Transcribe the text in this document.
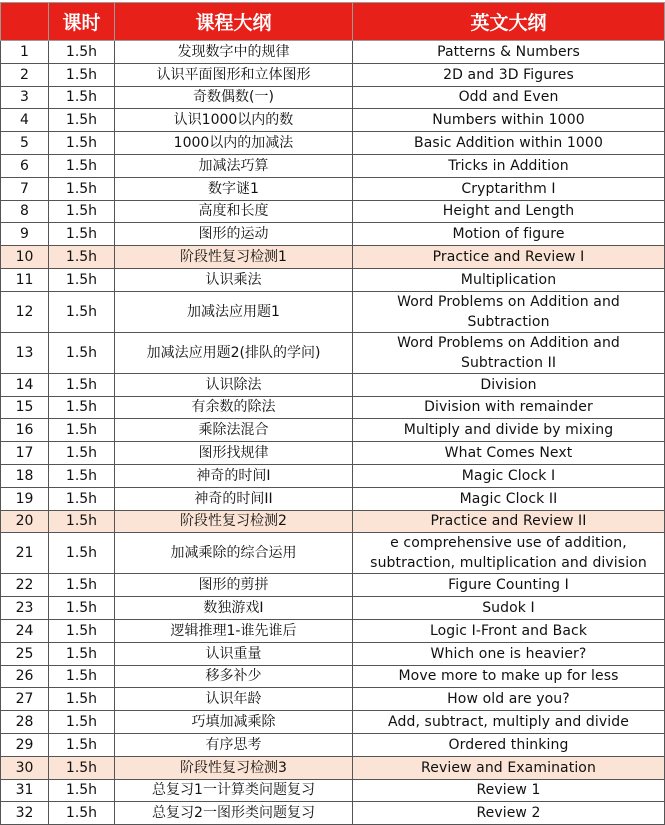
	课时	课程大纲	英文大纲
1	1.5h	发现数字中的规律	Patterns & Numbers
2	1.5h	认识平面图形和立体图形	2D and 3D Figures
3	1.5h	奇数偶数(一)	Odd and Even
4	1.5h	认识1000以内的数	Numbers within 1000
5	1.5h	1000以内的加减法	Basic Addition within 1000
6	1.5h	加减法巧算	Tricks in Addition
7	1.5h	数字谜1	Cryptarithm I
8	1.5h	高度和长度	Height and Length
9	1.5h	图形的运动	Motion of figure
10	1.5h	阶段性复习检测1	Practice and Review I
11	1.5h	认识乘法	Multiplication
12	1.5h	加减法应用题1	Word Problems on Addition and Subtraction
13	1.5h	加减法应用题2(排队的学问)	Word Problems on Addition and Subtraction II
14	1.5h	认识除法	Division
15	1.5h	有余数的除法	Division with remainder
16	1.5h	乘除法混合	Multiply and divide by mixing
17	1.5h	图形找规律	What Comes Next
18	1.5h	神奇的时间I	Magic Clock I
19	1.5h	神奇的时间II	Magic Clock II
20	1.5h	阶段性复习检测2	Practice and Review II
21	1.5h	加减乘除的综合运用	e comprehensive use of addition, subtraction, multiplication and division
22	1.5h	图形的剪拼	Figure Counting I
23	1.5h	数独游戏I	Sudok I
24	1.5h	逻辑推理1-谁先谁后	Logic I-Front and Back
25	1.5h	认识重量	Which one is heavier?
26	1.5h	移多补少	Move more to make up for less
27	1.5h	认识年龄	How old are you?
28	1.5h	巧填加减乘除	Add, subtract, multiply and divide
29	1.5h	有序思考	Ordered thinking
30	1.5h	阶段性复习检测3	Review and Examination
31	1.5h	总复习1一计算类问题复习	Review 1
32	1.5h	总复习2一图形类问题复习	Review 2
